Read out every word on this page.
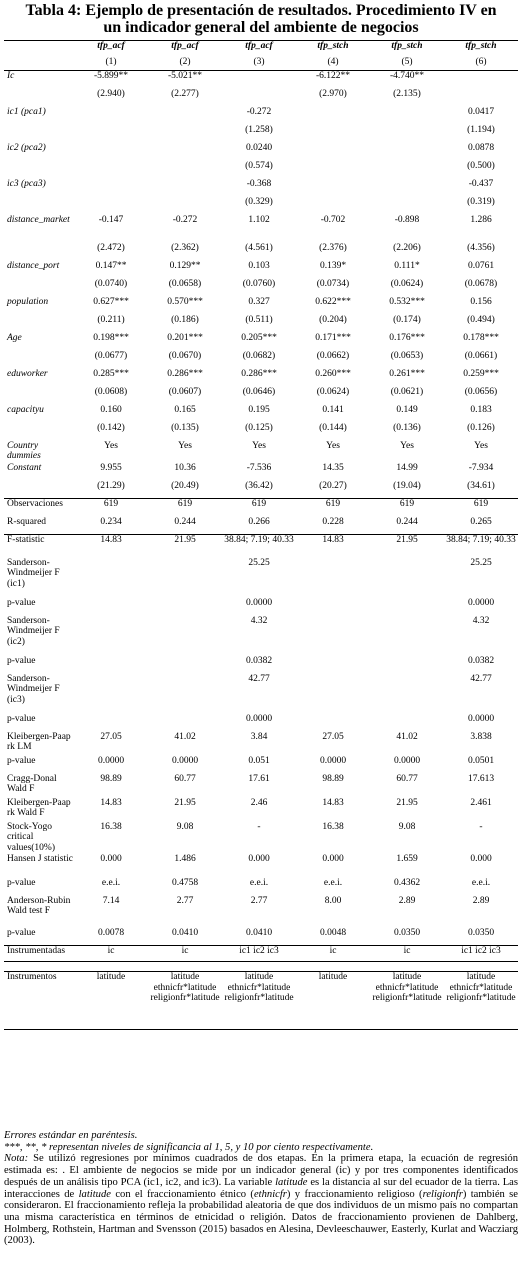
Tabla 4: Ejemplo de presentación de resultados. Procedimiento IV en
un indicador general del ambiente de negocios
	tfp_acf	tfp_acf	tfp_acf	tfp_stch	tfp_stch	tfp_stch
	(1)	(2)	(3)	(4)	(5)	(6)
Ic	-5.899**	-5.021**		-6.122**	-4.740**	
	(2.940)	(2.277)		(2.970)	(2.135)	
ic1 (pca1)			-0.272			0.0417
			(1.258)			(1.194)
ic2 (pca2)			0.0240			0.0878
			(0.574)			(0.500)
ic3 (pca3)			-0.368			-0.437
			(0.329)			(0.319)
distance_market	-0.147	-0.272	1.102	-0.702	-0.898	1.286
	(2.472)	(2.362)	(4.561)	(2.376)	(2.206)	(4.356)
distance_port	0.147**	0.129**	0.103	0.139*	0.111*	0.0761
	(0.0740)	(0.0658)	(0.0760)	(0.0734)	(0.0624)	(0.0678)
population	0.627***	0.570***	0.327	0.622***	0.532***	0.156
	(0.211)	(0.186)	(0.511)	(0.204)	(0.174)	(0.494)
Age	0.198***	0.201***	0.205***	0.171***	0.176***	0.178***
	(0.0677)	(0.0670)	(0.0682)	(0.0662)	(0.0653)	(0.0661)
eduworker	0.285***	0.286***	0.286***	0.260***	0.261***	0.259***
	(0.0608)	(0.0607)	(0.0646)	(0.0624)	(0.0621)	(0.0656)
capacityu	0.160	0.165	0.195	0.141	0.149	0.183
	(0.142)	(0.135)	(0.125)	(0.144)	(0.136)	(0.126)
Country dummies	Yes	Yes	Yes	Yes	Yes	Yes
Constant	9.955	10.36	-7.536	14.35	14.99	-7.934
	(21.29)	(20.49)	(36.42)	(20.27)	(19.04)	(34.61)
Observaciones	619	619	619	619	619	619
R-squared	0.234	0.244	0.266	0.228	0.244	0.265
F-statistic	14.83	21.95	38.84; 7.19; 40.33	14.83	21.95	38.84; 7.19; 40.33
Sanderson-Windmeijer F (ic1)			25.25			25.25
p-value			0.0000			0.0000
Sanderson-Windmeijer F (ic2)			4.32			4.32
p-value			0.0382			0.0382
Sanderson-Windmeijer F (ic3)			42.77			42.77
p-value			0.0000			0.0000
Kleibergen-Paap rk LM	27.05	41.02	3.84	27.05	41.02	3.838
p-value	0.0000	0.0000	0.051	0.0000	0.0000	0.0501
Cragg-Donal Wald F	98.89	60.77	17.61	98.89	60.77	17.613
Kleibergen-Paap rk Wald F	14.83	21.95	2.46	14.83	21.95	2.461
Stock-Yogo critical values(10%)	16.38	9.08	-	16.38	9.08	-
Hansen J statistic	0.000	1.486	0.000	0.000	1.659	0.000
p-value	e.e.i.	0.4758	e.e.i.	e.e.i.	0.4362	e.e.i.
Anderson-Rubin Wald test F	7.14	2.77	2.77	8.00	2.89	2.89
p-value	0.0078	0.0410	0.0410	0.0048	0.0350	0.0350
Instrumentadas	ic	ic	ic1 ic2 ic3	ic	ic	ic1 ic2 ic3

Instrumentos	latitude	latitude ethnicfr*latitude religionfr*latitude	latitude ethnicfr*latitude religionfr*latitude	latitude	latitude ethnicfr*latitude religionfr*latitude	latitude ethnicfr*latitude religionfr*latitude

Errores estándar en paréntesis.

***, **, * representan niveles de significancia al 1, 5, y 10 por ciento respectivamente.

Nota: Se utilizó regresiones por mínimos cuadrados de dos etapas. En la primera etapa, la ecuación de regresión estimada es: . El ambiente de negocios se mide por un indicador general (ic) y por tres componentes identificados después de un análisis tipo PCA (ic1, ic2, and ic3). La variable latitude es la distancia al sur del ecuador de la tierra. Las interacciones de latitude con el fraccionamiento étnico (ethnicfr) y fraccionamiento religioso (religionfr) también se consideraron. El fraccionamiento refleja la probabilidad aleatoria de que dos individuos de un mismo país no compartan una misma característica en términos de etnicidad o religión. Datos de fraccionamiento provienen de Dahlberg, Holmberg, Rothstein, Hartman and Svensson (2015) basados en Alesina, Devleeschauwer, Easterly, Kurlat and Wacziarg (2003).
